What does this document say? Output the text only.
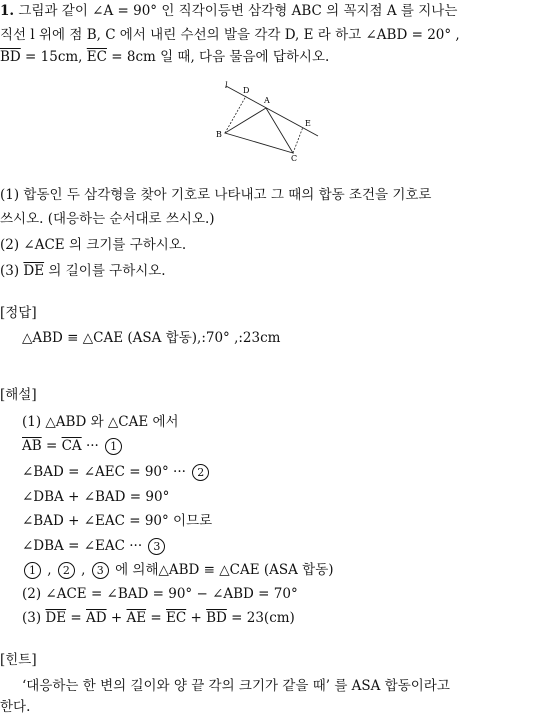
1. 그림과 같이 ∠A = 90° 인 직각이등변 삼각형 ABC 의 꼭지점 A 를 지나는
직선 l 위에 점 B, C 에서 내린 수선의 발을 각각 D, E 라 하고 ∠ABD = 20° ,
$\overline{BD} = 15cm$, $\overline{EC} = 8cm$ 일 때, 다음 물음에 답하시오.
l
D
A
E
B
C
(1) 합동인 두 삼각형을 찾아 기호로 나타내고 그 때의 합동 조건을 기호로
쓰시오. (대응하는 순서대로 쓰시오.)
(2) ∠ACE 의 크기를 구하시오.
(3) $\overline{DE}$ 의 길이를 구하시오.
[정답]
△ABD ≡ △CAE (ASA 합동),:70° ,:23cm
[해설]
(1) △ABD 와 △CAE 에서
$\overline{AB} = \overline{CA}$ ··· 1
∠BAD = ∠AEC = 90° ··· 2
∠DBA + ∠BAD = 90°
∠BAD + ∠EAC = 90° 이므로
∠DBA = ∠EAC ··· 3
1 , 2 , 3 에 의해△ABD ≡ △CAE (ASA 합동)
(2) ∠ACE = ∠BAD = 90° − ∠ABD = 70°
(3) $\overline{DE} = \overline{AD} + \overline{AE} = \overline{EC} + \overline{BD} = 23(cm)$
[힌트]
‘대응하는 한 변의 길이와 양 끝 각의 크기가 같을 때’ 를 ASA 합동이라고
한다.
